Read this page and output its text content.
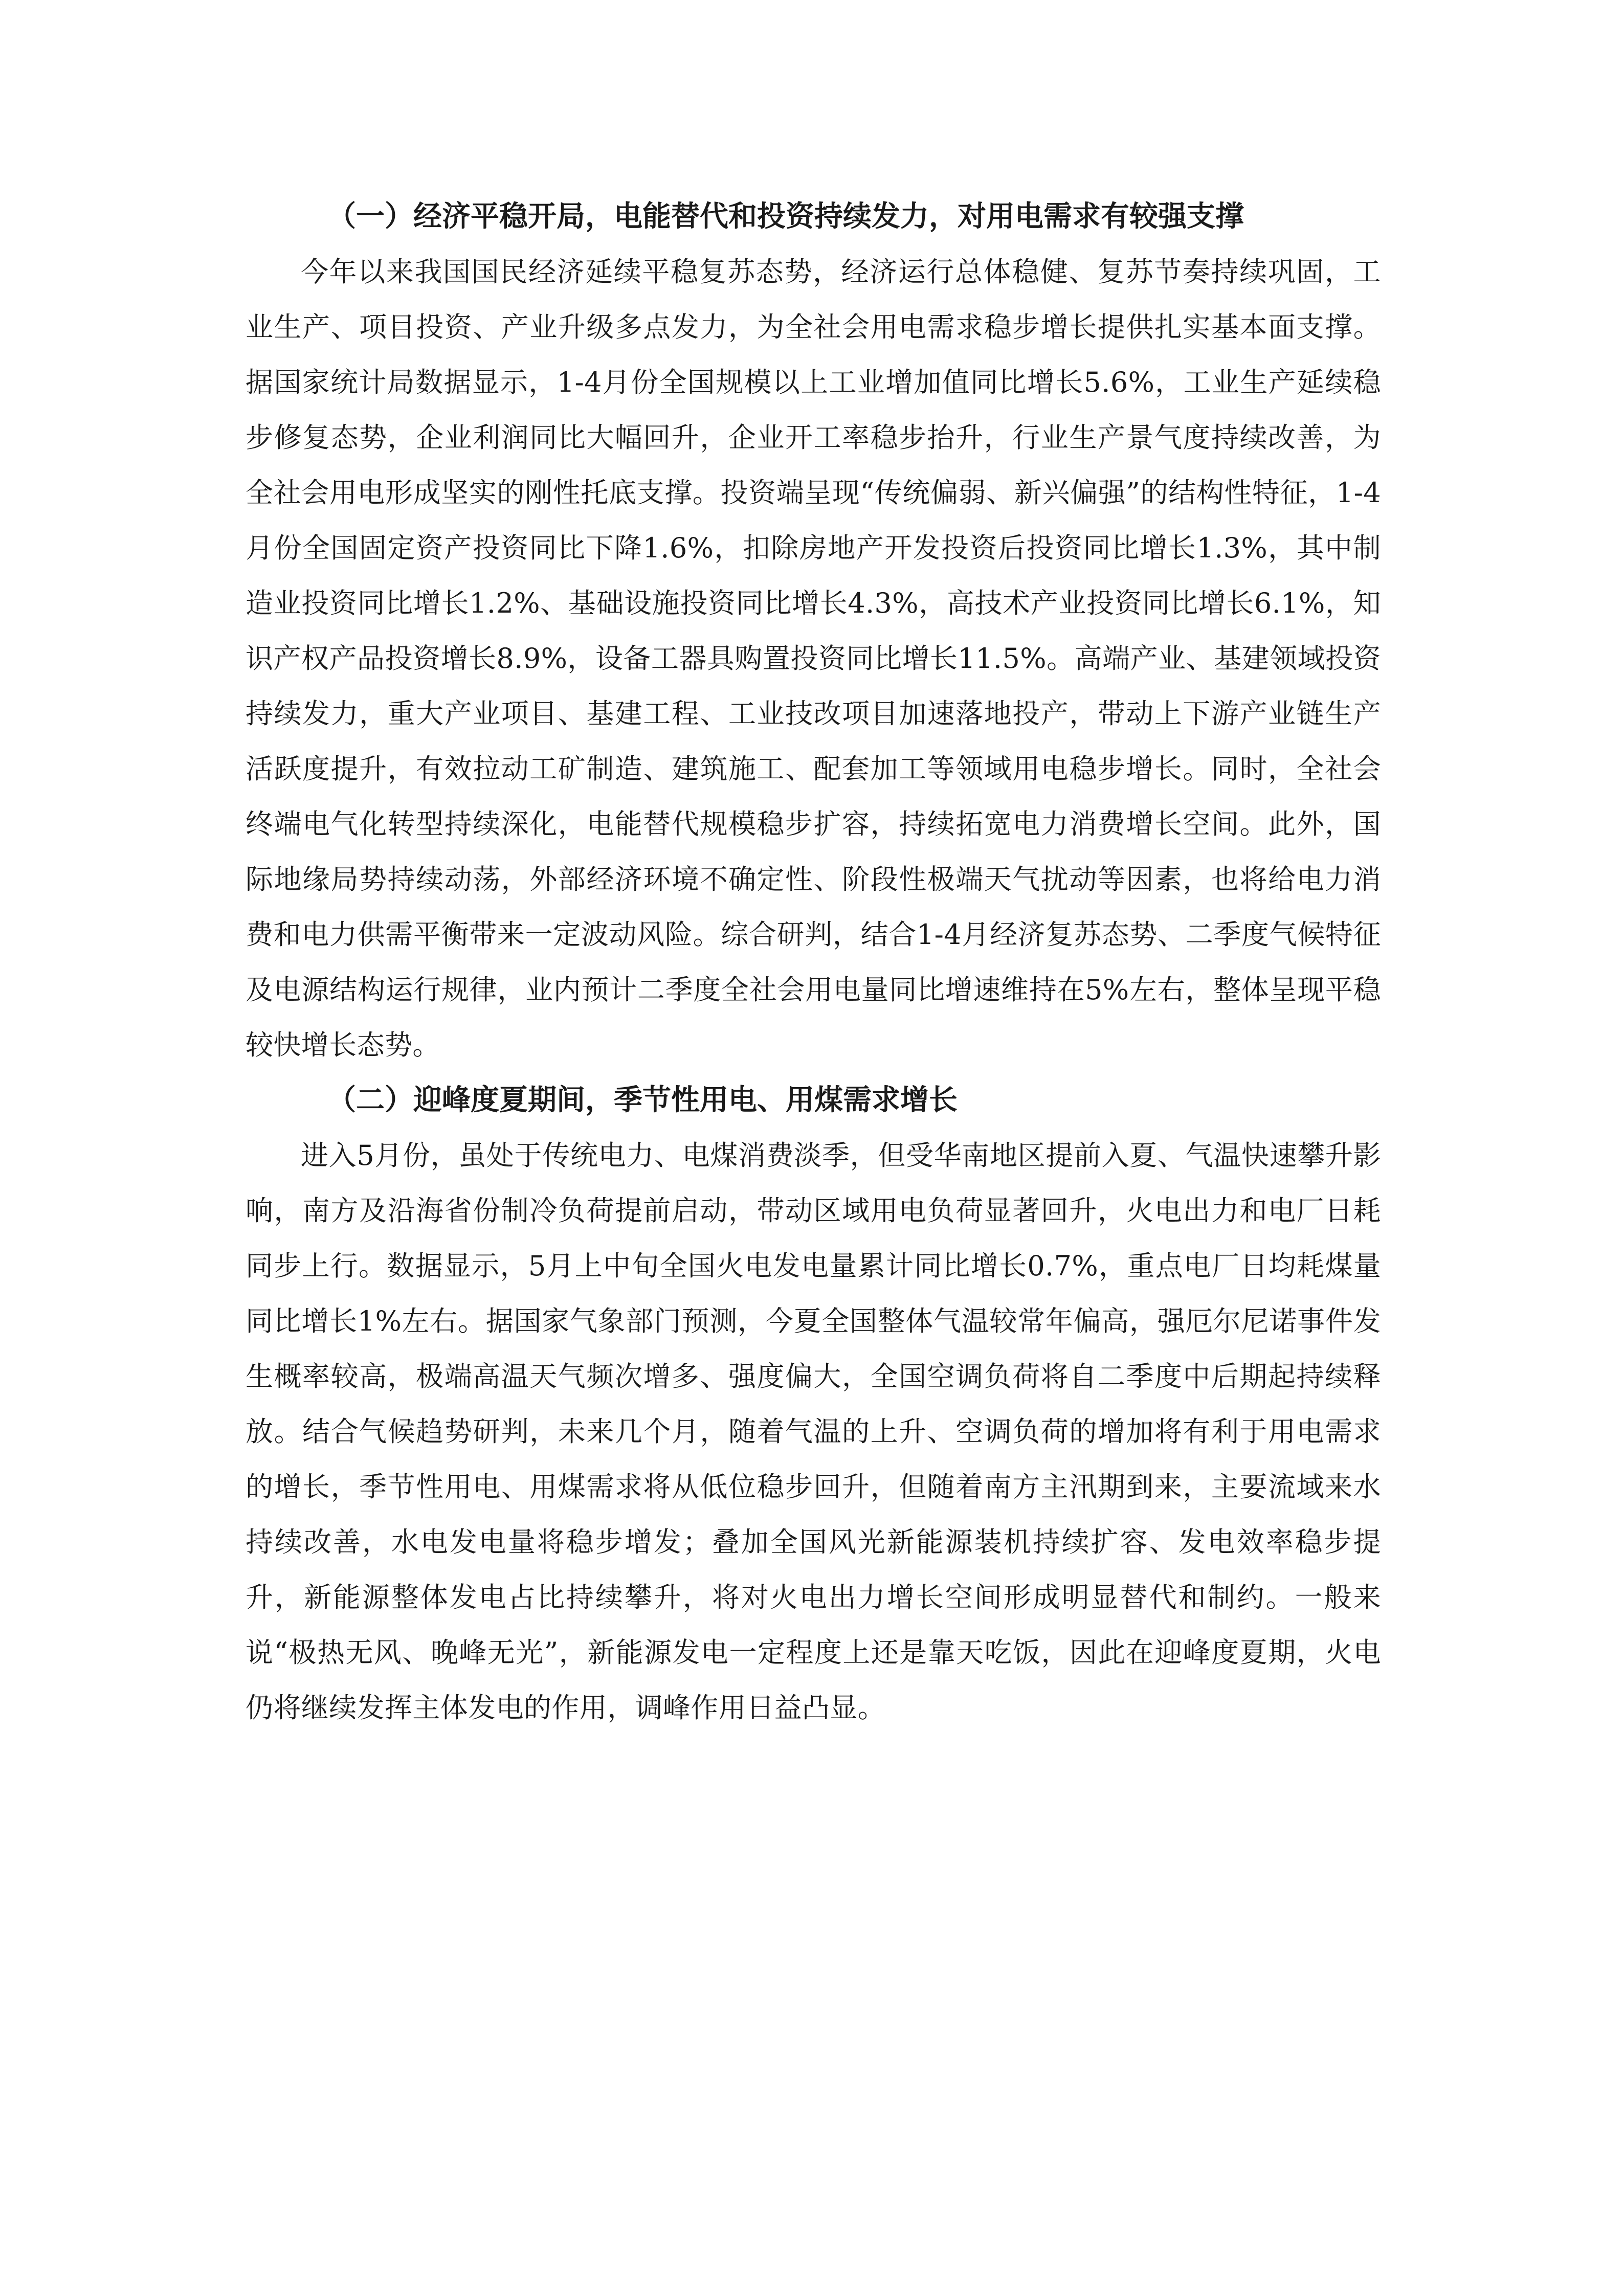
（一）经济平稳开局，电能替代和投资持续发力，对用电需求有较强支撑

今年以来我国国民经济延续平稳复苏态势，经济运行总体稳健、复苏节奏持续巩固，工业生产、项目投资、产业升级多点发力，为全社会用电需求稳步增长提供扎实基本面支撑。据国家统计局数据显示，1-4月份全国规模以上工业增加值同比增长5.6%，工业生产延续稳步修复态势，企业利润同比大幅回升，企业开工率稳步抬升，行业生产景气度持续改善，为全社会用电形成坚实的刚性托底支撑。投资端呈现“传统偏弱、新兴偏强”的结构性特征，1-4月份全国固定资产投资同比下降1.6%，扣除房地产开发投资后投资同比增长1.3%，其中制造业投资同比增长1.2%、基础设施投资同比增长4.3%，高技术产业投资同比增长6.1%，知识产权产品投资增长8.9%，设备工器具购置投资同比增长11.5%。高端产业、基建领域投资持续发力，重大产业项目、基建工程、工业技改项目加速落地投产，带动上下游产业链生产活跃度提升，有效拉动工矿制造、建筑施工、配套加工等领域用电稳步增长。同时，全社会终端电气化转型持续深化，电能替代规模稳步扩容，持续拓宽电力消费增长空间。此外，国际地缘局势持续动荡，外部经济环境不确定性、阶段性极端天气扰动等因素，也将给电力消费和电力供需平衡带来一定波动风险。综合研判，结合1-4月经济复苏态势、二季度气候特征及电源结构运行规律，业内预计二季度全社会用电量同比增速维持在5%左右，整体呈现平稳较快增长态势。

（二）迎峰度夏期间，季节性用电、用煤需求增长

进入5月份，虽处于传统电力、电煤消费淡季，但受华南地区提前入夏、气温快速攀升影响，南方及沿海省份制冷负荷提前启动，带动区域用电负荷显著回升，火电出力和电厂日耗同步上行。数据显示，5月上中旬全国火电发电量累计同比增长0.7%，重点电厂日均耗煤量同比增长1%左右。据国家气象部门预测，今夏全国整体气温较常年偏高，强厄尔尼诺事件发生概率较高，极端高温天气频次增多、强度偏大，全国空调负荷将自二季度中后期起持续释放。结合气候趋势研判，未来几个月，随着气温的上升、空调负荷的增加将有利于用电需求的增长，季节性用电、用煤需求将从低位稳步回升，但随着南方主汛期到来，主要流域来水持续改善，水电发电量将稳步增发；叠加全国风光新能源装机持续扩容、发电效率稳步提升，新能源整体发电占比持续攀升，将对火电出力增长空间形成明显替代和制约。一般来说“极热无风、晚峰无光”，新能源发电一定程度上还是靠天吃饭，因此在迎峰度夏期，火电仍将继续发挥主体发电的作用，调峰作用日益凸显。
